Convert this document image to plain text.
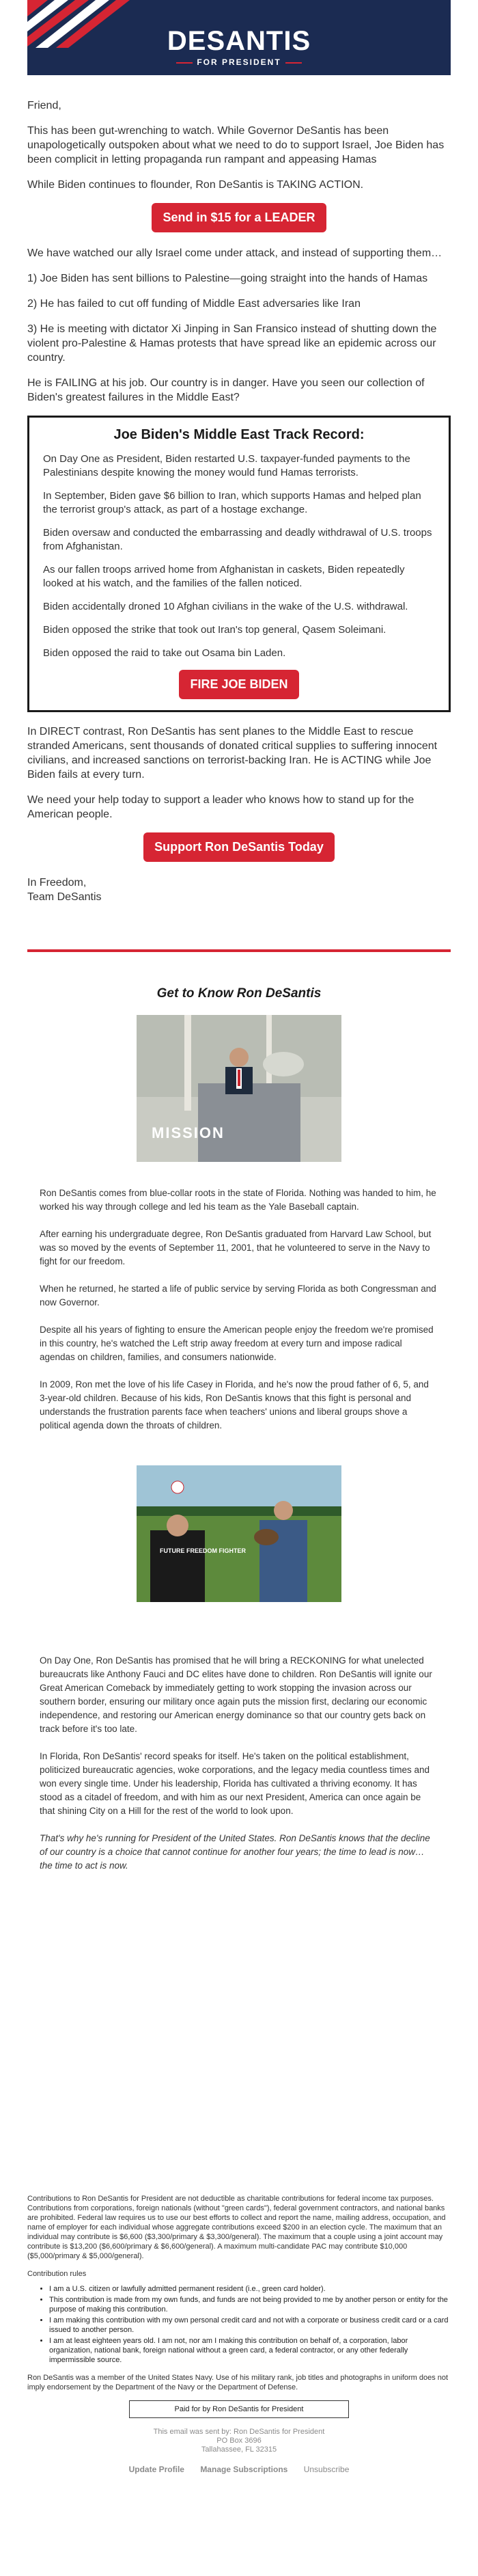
DESANTIS
FOR PRESIDENT

Friend,

This has been gut-wrenching to watch. While Governor DeSantis has been unapologetically outspoken about what we need to do to support Israel, Joe Biden has been complicit in letting propaganda run rampant and appeasing Hamas

While Biden continues to flounder, Ron DeSantis is TAKING ACTION.

Send in $15 for a LEADER

We have watched our ally Israel come under attack, and instead of supporting them…

1) Joe Biden has sent billions to Palestine—going straight into the hands of Hamas

2) He has failed to cut off funding of Middle East adversaries like Iran

3) He is meeting with dictator Xi Jinping in San Fransico instead of shutting down the violent pro-Palestine & Hamas protests that have spread like an epidemic across our country.

He is FAILING at his job. Our country is in danger. Have you seen our collection of Biden's greatest failures in the Middle East?

Joe Biden's Middle East Track Record:

On Day One as President, Biden restarted U.S. taxpayer-funded payments to the Palestinians despite knowing the money would fund Hamas terrorists.

In September, Biden gave $6 billion to Iran, which supports Hamas and helped plan the terrorist group's attack, as part of a hostage exchange.

Biden oversaw and conducted the embarrassing and deadly withdrawal of U.S. troops from Afghanistan.

As our fallen troops arrived home from Afghanistan in caskets, Biden repeatedly looked at his watch, and the families of the fallen noticed.

Biden accidentally droned 10 Afghan civilians in the wake of the U.S. withdrawal.

Biden opposed the strike that took out Iran's top general, Qasem Soleimani.

Biden opposed the raid to take out Osama bin Laden.

FIRE JOE BIDEN

In DIRECT contrast, Ron DeSantis has sent planes to the Middle East to rescue stranded Americans, sent thousands of donated critical supplies to suffering innocent civilians, and increased sanctions on terrorist-backing Iran. He is ACTING while Joe Biden fails at every turn.

We need your help today to support a leader who knows how to stand up for the American people.

Support Ron DeSantis Today

In Freedom,

Team DeSantis

Get to Know Ron DeSantis
MISSION

Ron DeSantis comes from blue-collar roots in the state of Florida. Nothing was handed to him, he worked his way through college and led his team as the Yale Baseball captain.

After earning his undergraduate degree, Ron DeSantis graduated from Harvard Law School, but was so moved by the events of September 11, 2001, that he volunteered to serve in the Navy to fight for our freedom.

When he returned, he started a life of public service by serving Florida as both Congressman and now Governor.

Despite all his years of fighting to ensure the American people enjoy the freedom we're promised in this country, he's watched the Left strip away freedom at every turn and impose radical agendas on children, families, and consumers nationwide.

In 2009, Ron met the love of his life Casey in Florida, and he's now the proud father of 6, 5, and 3-year-old children. Because of his kids, Ron DeSantis knows that this fight is personal and understands the frustration parents face when teachers' unions and liberal groups shove a political agenda down the throats of children.

FUTURE FREEDOM FIGHTER

On Day One, Ron DeSantis has promised that he will bring a RECKONING for what unelected bureaucrats like Anthony Fauci and DC elites have done to children. Ron DeSantis will ignite our Great American Comeback by immediately getting to work stopping the invasion across our southern border, ensuring our military once again puts the mission first, declaring our economic independence, and restoring our American energy dominance so that our country gets back on track before it's too late.

In Florida, Ron DeSantis' record speaks for itself. He's taken on the political establishment, politicized bureaucratic agencies, woke corporations, and the legacy media countless times and won every single time. Under his leadership, Florida has cultivated a thriving economy. It has stood as a citadel of freedom, and with him as our next President, America can once again be that shining City on a Hill for the rest of the world to look upon.

That's why he's running for President of the United States. Ron DeSantis knows that the decline of our country is a choice that cannot continue for another four years; the time to lead is now… the time to act is now.

Contributions to Ron DeSantis for President are not deductible as charitable contributions for federal income tax purposes. Contributions from corporations, foreign nationals (without "green cards"), federal government contractors, and national banks are prohibited. Federal law requires us to use our best efforts to collect and report the name, mailing address, occupation, and name of employer for each individual whose aggregate contributions exceed $200 in an election cycle. The maximum that an individual may contribute is $6,600 ($3,300/primary & $3,300/general). The maximum that a couple using a joint account may contribute is $13,200 ($6,600/primary & $6,600/general). A maximum multi-candidate PAC may contribute $10,000 ($5,000/primary & $5,000/general).

Contribution rules

• I am a U.S. citizen or lawfully admitted permanent resident (i.e., green card holder).
• This contribution is made from my own funds, and funds are not being provided to me by another person or entity for the purpose of making this contribution.
• I am making this contribution with my own personal credit card and not with a corporate or business credit card or a card issued to another person.
• I am at least eighteen years old. I am not, nor am I making this contribution on behalf of, a corporation, labor organization, national bank, foreign national without a green card, a federal contractor, or any other federally impermissible source.

Ron DeSantis was a member of the United States Navy. Use of his military rank, job titles and photographs in uniform does not imply endorsement by the Department of the Navy or the Department of Defense.

Paid for by Ron DeSantis for President
This email was sent by: Ron DeSantis for President
PO Box 3696
Tallahassee, FL 32315
Update Profile Manage Subscriptions Unsubscribe
